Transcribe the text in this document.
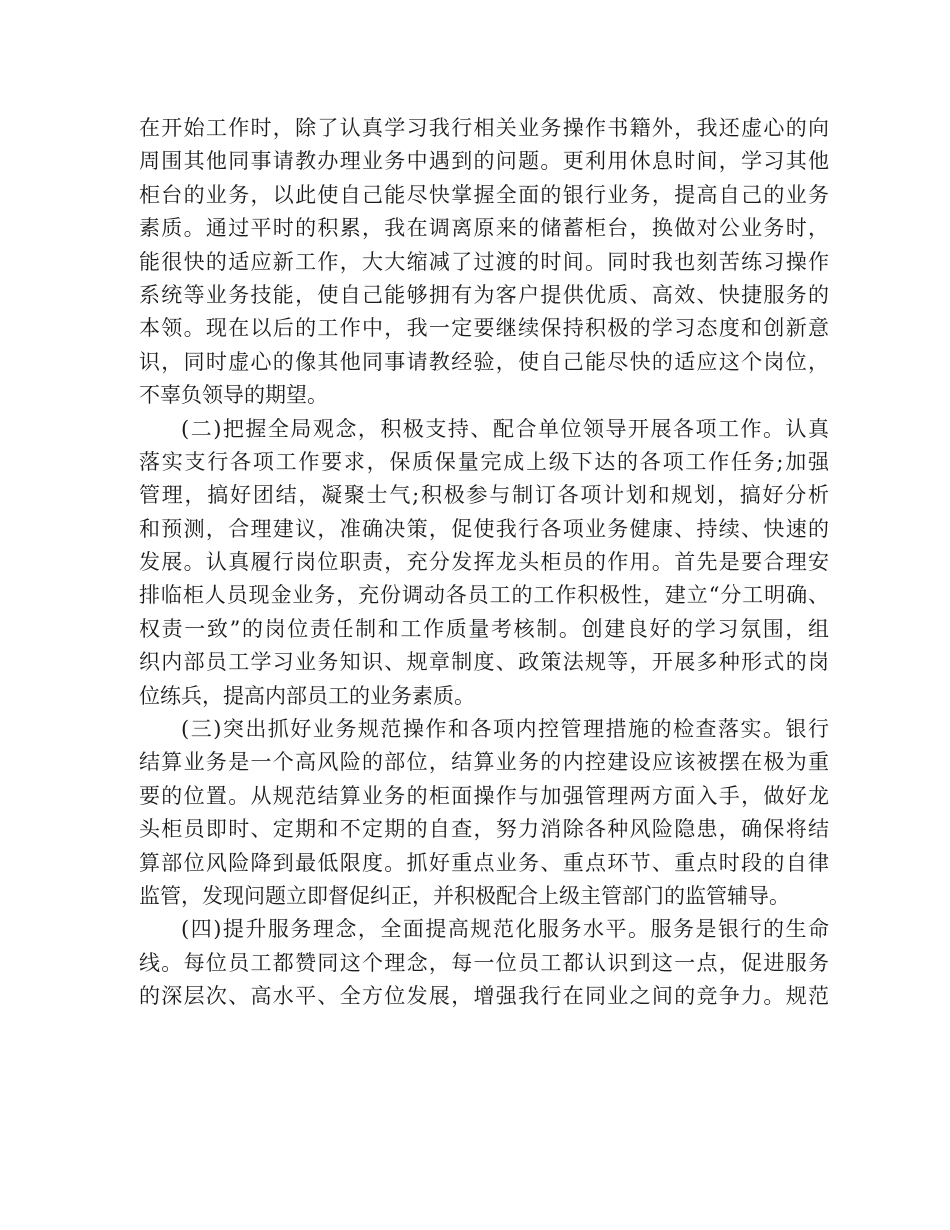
在开始工作时，除了认真学习我行相关业务操作书籍外，我还虚心的向
周围其他同事请教办理业务中遇到的问题。更利用休息时间，学习其他
柜台的业务，以此使自己能尽快掌握全面的银行业务，提高自己的业务
素质。通过平时的积累，我在调离原来的储蓄柜台，换做对公业务时，
能很快的适应新工作，大大缩减了过渡的时间。同时我也刻苦练习操作
系统等业务技能，使自己能够拥有为客户提供优质、高效、快捷服务的
本领。现在以后的工作中，我一定要继续保持积极的学习态度和创新意
识，同时虚心的像其他同事请教经验，使自己能尽快的适应这个岗位，
不辜负领导的期望。
(二)把握全局观念，积极支持、配合单位领导开展各项工作。认真
落实支行各项工作要求，保质保量完成上级下达的各项工作任务;加强
管理，搞好团结，凝聚士气;积极参与制订各项计划和规划，搞好分析
和预测，合理建议，准确决策，促使我行各项业务健康、持续、快速的
发展。认真履行岗位职责，充分发挥龙头柜员的作用。首先是要合理安
排临柜人员现金业务，充份调动各员工的工作积极性，建立“分工明确、
权责一致”的岗位责任制和工作质量考核制。创建良好的学习氛围，组
织内部员工学习业务知识、规章制度、政策法规等，开展多种形式的岗
位练兵，提高内部员工的业务素质。
(三)突出抓好业务规范操作和各项内控管理措施的检查落实。银行
结算业务是一个高风险的部位，结算业务的内控建设应该被摆在极为重
要的位置。从规范结算业务的柜面操作与加强管理两方面入手，做好龙
头柜员即时、定期和不定期的自查，努力消除各种风险隐患，确保将结
算部位风险降到最低限度。抓好重点业务、重点环节、重点时段的自律
监管，发现问题立即督促纠正，并积极配合上级主管部门的监管辅导。
(四)提升服务理念，全面提高规范化服务水平。服务是银行的生命
线。每位员工都赞同这个理念，每一位员工都认识到这一点，促进服务
的深层次、高水平、全方位发展，增强我行在同业之间的竞争力。规范
